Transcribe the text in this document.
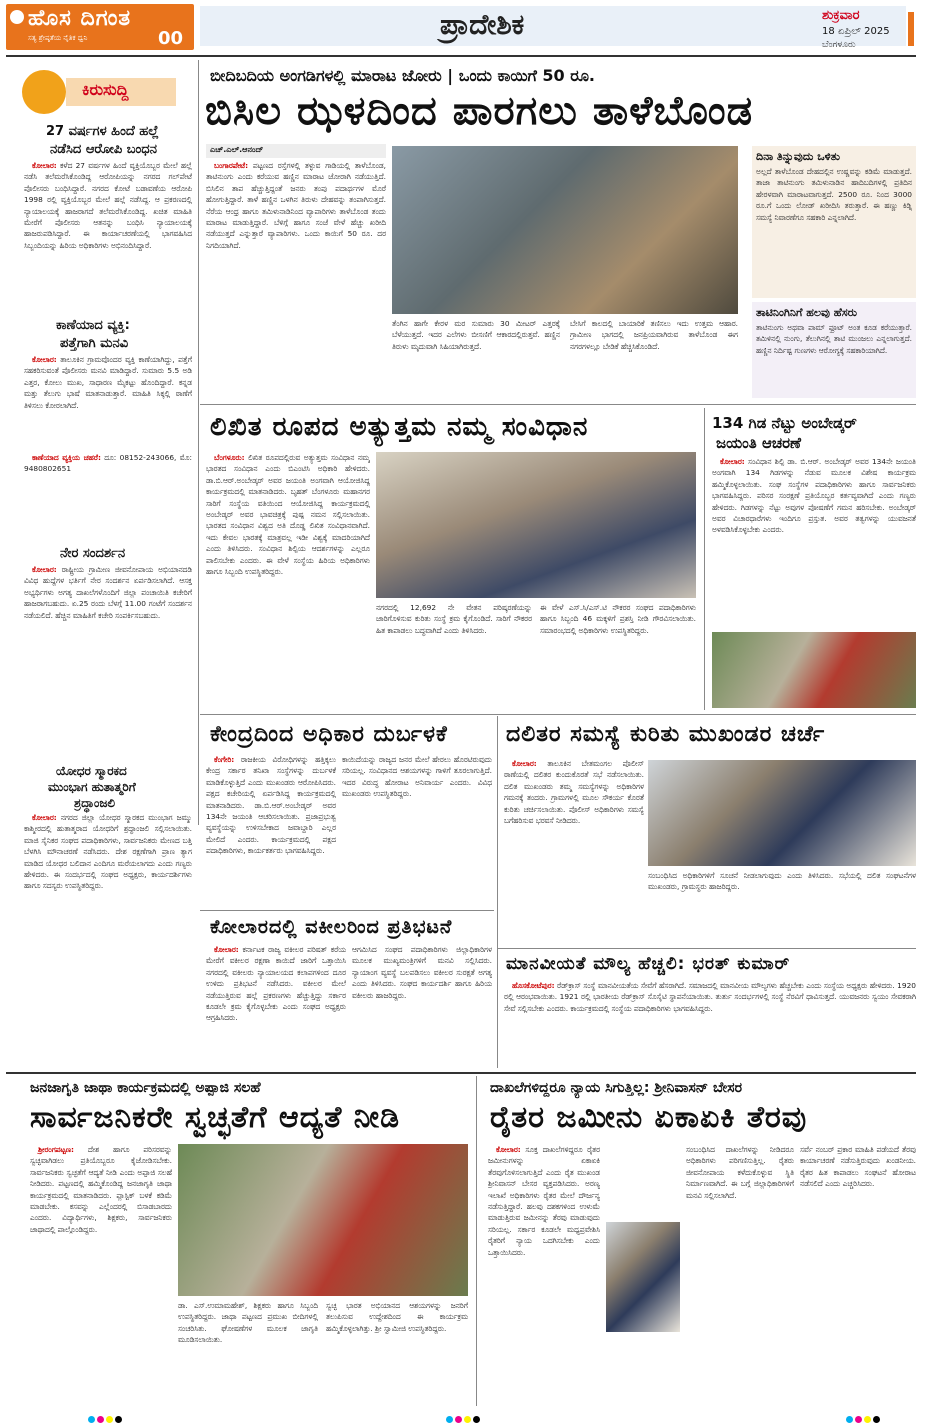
ಹೊಸ ದಿಗಂತ
ಸತ್ಯ ಶ್ರೇಷ್ಠತೆಯ ನೈತಿಕ ಧ್ವನಿ	00	ಪ್ರಾದೇಶಿಕ	ಶುಕ್ರವಾರ
18 ಏಪ್ರಿಲ್ 2025
ಬೆಂಗಳೂರು
ಕಿರುಸುದ್ದಿ
27 ವರ್ಷಗಳ ಹಿಂದೆ ಹಲ್ಲೆ
ನಡೆಸಿದ ಆರೋಪಿ ಬಂಧನ

ಕೋಲಾರ: ಕಳೆದ 27 ವರ್ಷಗಳ ಹಿಂದೆ ವ್ಯಕ್ತಿಯೊಬ್ಬರ ಮೇಲೆ ಹಲ್ಲೆ ನಡೆಸಿ ತಲೆಮರೆಸಿಕೊಂಡಿದ್ದ ಆರೋಪಿಯನ್ನು ನಗರದ ಗಲ್‌ಪೇಟೆ ಪೊಲೀಸರು ಬಂಧಿಸಿದ್ದಾರೆ. ನಗರದ ಕೋಟೆ ಬಡಾವಣೆಯ ಆರೋಪಿ 1998 ರಲ್ಲಿ ವ್ಯಕ್ತಿಯೊಬ್ಬರ ಮೇಲೆ ಹಲ್ಲೆ ನಡೆಸಿದ್ದ. ಆ ಪ್ರಕರಣದಲ್ಲಿ ನ್ಯಾಯಾಲಯಕ್ಕೆ ಹಾಜರಾಗದೆ ತಲೆಮರೆಸಿಕೊಂಡಿದ್ದ. ಖಚಿತ ಮಾಹಿತಿ ಮೇರೆಗೆ ಪೊಲೀಸರು ಆತನನ್ನು ಬಂಧಿಸಿ ನ್ಯಾಯಾಲಯಕ್ಕೆ ಹಾಜರುಪಡಿಸಿದ್ದಾರೆ. ಈ ಕಾರ್ಯಾಚರಣೆಯಲ್ಲಿ ಭಾಗವಹಿಸಿದ ಸಿಬ್ಬಂದಿಯನ್ನು ಹಿರಿಯ ಅಧಿಕಾರಿಗಳು ಅಭಿನಂದಿಸಿದ್ದಾರೆ.

ಕಾಣೆಯಾದ ವ್ಯಕ್ತಿ:
ಪತ್ತೆಗಾಗಿ ಮನವಿ

ಕೋಲಾರ: ತಾಲೂಕಿನ ಗ್ರಾಮವೊಂದರ ವ್ಯಕ್ತಿ ಕಾಣೆಯಾಗಿದ್ದು, ಪತ್ತೆಗೆ ಸಹಕರಿಸುವಂತೆ ಪೊಲೀಸರು ಮನವಿ ಮಾಡಿದ್ದಾರೆ. ಸುಮಾರು 5.5 ಅಡಿ ಎತ್ತರ, ಕೋಲು ಮುಖ, ಸಾಧಾರಣ ಮೈಕಟ್ಟು ಹೊಂದಿದ್ದಾರೆ. ಕನ್ನಡ ಮತ್ತು ತೆಲುಗು ಭಾಷೆ ಮಾತನಾಡುತ್ತಾರೆ. ಮಾಹಿತಿ ಸಿಕ್ಕಲ್ಲಿ ಠಾಣೆಗೆ ತಿಳಿಸಲು ಕೋರಲಾಗಿದೆ.

ಕಾಣೆಯಾದ ವ್ಯಕ್ತಿಯ ಚಹರೆ: ದೂ: 08152-243066, ಮೊ: 9480802651

ನೇರ ಸಂದರ್ಶನ

ಕೋಲಾರ: ರಾಷ್ಟ್ರೀಯ ಗ್ರಾಮೀಣ ಜೀವನೋಪಾಯ ಅಭಿಯಾನದಡಿ ವಿವಿಧ ಹುದ್ದೆಗಳ ಭರ್ತಿಗೆ ನೇರ ಸಂದರ್ಶನ ಏರ್ಪಡಿಸಲಾಗಿದೆ. ಆಸಕ್ತ ಅಭ್ಯರ್ಥಿಗಳು ಅಗತ್ಯ ದಾಖಲೆಗಳೊಂದಿಗೆ ಜಿಲ್ಲಾ ಪಂಚಾಯಿತಿ ಕಚೇರಿಗೆ ಹಾಜರಾಗಬಹುದು. ಏ.25 ರಂದು ಬೆಳಗ್ಗೆ 11.00 ಗಂಟೆಗೆ ಸಂದರ್ಶನ ನಡೆಯಲಿದೆ. ಹೆಚ್ಚಿನ ಮಾಹಿತಿಗೆ ಕಚೇರಿ ಸಂಪರ್ಕಿಸಬಹುದು.

ಯೋಧರ ಸ್ಮಾರಕದ
ಮುಂಭಾಗ ಹುತಾತ್ಮರಿಗೆ
ಶ್ರದ್ಧಾಂಜಲಿ

ಕೋಲಾರ: ನಗರದ ಜಿಲ್ಲಾ ಯೋಧರ ಸ್ಮಾರಕದ ಮುಂಭಾಗ ಜಮ್ಮು ಕಾಶ್ಮೀರದಲ್ಲಿ ಹುತಾತ್ಮರಾದ ಯೋಧರಿಗೆ ಶ್ರದ್ಧಾಂಜಲಿ ಸಲ್ಲಿಸಲಾಯಿತು. ಮಾಜಿ ಸೈನಿಕರ ಸಂಘದ ಪದಾಧಿಕಾರಿಗಳು, ಸಾರ್ವಜನಿಕರು ಮೇಣದ ಬತ್ತಿ ಬೆಳಗಿಸಿ ಮೌನಾಚರಣೆ ನಡೆಸಿದರು. ದೇಶ ರಕ್ಷಣೆಗಾಗಿ ಪ್ರಾಣ ತ್ಯಾಗ ಮಾಡಿದ ಯೋಧರ ಬಲಿದಾನ ಎಂದಿಗೂ ಮರೆಯಲಾಗದು ಎಂದು ಗಣ್ಯರು ಹೇಳಿದರು. ಈ ಸಂದರ್ಭದಲ್ಲಿ ಸಂಘದ ಅಧ್ಯಕ್ಷರು, ಕಾರ್ಯದರ್ಶಿಗಳು ಹಾಗೂ ಸದಸ್ಯರು ಉಪಸ್ಥಿತರಿದ್ದರು.

ಬೀದಿಬದಿಯ ಅಂಗಡಿಗಳಲ್ಲಿ ಮಾರಾಟ ಜೋರು | ಒಂದು ಕಾಯಿಗೆ 50 ರೂ.
ಬಿಸಿಲ ಝಳದಿಂದ ಪಾರಗಲು ತಾಳೆಬೊಂಡ
ಎಚ್.ಎಲ್.ಆನಂದ್

ಬಂಗಾರಪೇಟೆ: ಪಟ್ಟಣದ ರಸ್ತೆಗಳಲ್ಲಿ ತಳ್ಳುವ ಗಾಡಿಯಲ್ಲಿ ತಾಳೆಬೊಂಡ, ತಾಟಿನುಂಗು ಎಂದು ಕರೆಯುವ ಹಣ್ಣಿನ ಮಾರಾಟ ಜೋರಾಗಿ ನಡೆಯುತ್ತಿದೆ. ಬಿಸಿಲಿನ ತಾಪ ಹೆಚ್ಚುತ್ತಿದ್ದಂತೆ ಜನರು ತಂಪು ಪದಾರ್ಥಗಳ ಮೊರೆ ಹೋಗುತ್ತಿದ್ದಾರೆ. ತಾಳೆ ಹಣ್ಣಿನ ಒಳಗಿನ ತಿರುಳು ದೇಹವನ್ನು ತಂಪಾಗಿಸುತ್ತದೆ. ನೆರೆಯ ಆಂಧ್ರ ಹಾಗೂ ತಮಿಳುನಾಡಿನಿಂದ ವ್ಯಾಪಾರಿಗಳು ತಾಳೆಬೊಂಡ ತಂದು ಮಾರಾಟ ಮಾಡುತ್ತಿದ್ದಾರೆ. ಬೆಳಿಗ್ಗೆ ಹಾಗೂ ಸಂಜೆ ವೇಳೆ ಹೆಚ್ಚು ಖರೀದಿ ನಡೆಯುತ್ತದೆ ಎನ್ನುತ್ತಾರೆ ವ್ಯಾಪಾರಿಗಳು. ಒಂದು ಕಾಯಿಗೆ 50 ರೂ. ದರ ನಿಗದಿಯಾಗಿದೆ.

ತೆಂಗಿನ ಹಾಗೇ ಕೇರಳ ಮರ ಸುಮಾರು 30 ಮೀಟರ್ ಎತ್ತರಕ್ಕೆ ಬೆಳೆಯುತ್ತದೆ. ಇದರ ಎಲೆಗಳು ಬೀಸಣಿಗೆ ಆಕಾರದಲ್ಲಿರುತ್ತವೆ. ಹಣ್ಣಿನ ತಿರುಳು ಮೃದುವಾಗಿ ಸಿಹಿಯಾಗಿರುತ್ತದೆ.
ಬೇಸಿಗೆ ಕಾಲದಲ್ಲಿ ಬಾಯಾರಿಕೆ ತಣಿಸಲು ಇದು ಉತ್ತಮ ಆಹಾರ. ಗ್ರಾಮೀಣ ಭಾಗದಲ್ಲಿ ಜನಪ್ರಿಯವಾಗಿರುವ ತಾಳೆಬೊಂಡ ಈಗ ನಗರಗಳಲ್ಲೂ ಬೇಡಿಕೆ ಹೆಚ್ಚಿಸಿಕೊಂಡಿದೆ.
ದಿನಾ ತಿನ್ನುವುದು ಒಳಿತು
ಅಲ್ಲದೆ ತಾಳೆಬೊಂಡ ದೇಹದಲ್ಲಿನ ಉಷ್ಣವನ್ನು ಕಡಿಮೆ ಮಾಡುತ್ತದೆ. ತಾಜಾ ತಾಟಿನುಂಗು ತಮಿಳುನಾಡಿನ ಹಾದಿಬದಿಗಳಲ್ಲಿ ಪ್ರತಿದಿನ ಹೇರಳವಾಗಿ ಮಾರಾಟವಾಗುತ್ತದೆ. 2500 ರೂ. ನಿಂದ 3000 ರೂ.ಗೆ ಒಂದು ಲೋಡ್ ಖರೀದಿಸಿ ತರುತ್ತಾರೆ. ಈ ಹಣ್ಣು ಕಿಡ್ನಿ ಸಮಸ್ಯೆ ನಿವಾರಣೆಗೂ ಸಹಕಾರಿ ಎನ್ನಲಾಗಿದೆ.
ತಾಟಿನಿಂಗಿನಿಗೆ ಹಲವು ಹೆಸರು
ತಾಟಿನುಂಗು ಅಥವಾ ಪಾಮ್ ಫ್ರೂಟ್ ಅಂತ ಕೂಡ ಕರೆಯುತ್ತಾರೆ. ತಮಿಳಿನಲ್ಲಿ ನುಂಗು, ತೆಲುಗಿನಲ್ಲಿ ತಾಟಿ ಮುಂಜಲು ಎನ್ನಲಾಗುತ್ತದೆ. ಹಣ್ಣಿನ ನಿರ್ದಿಷ್ಟ ಗುಣಗಳು ಆರೋಗ್ಯಕ್ಕೆ ಸಹಕಾರಿಯಾಗಿದೆ.
ಲಿಖಿತ ರೂಪದ ಅತ್ಯುತ್ತಮ ನಮ್ಮ ಸಂವಿಧಾನ

ಬೆಂಗಳೂರು: ಲಿಖಿತ ರೂಪದಲ್ಲಿರುವ ಅತ್ಯುತ್ತಮ ಸಂವಿಧಾನ ನಮ್ಮ ಭಾರತದ ಸಂವಿಧಾನ ಎಂದು ಬಿಎಂಟಿಸಿ ಅಧಿಕಾರಿ ಹೇಳಿದರು. ಡಾ.ಬಿ.ಆರ್.ಅಂಬೇಡ್ಕರ್ ಅವರ ಜಯಂತಿ ಅಂಗವಾಗಿ ಆಯೋಜಿಸಿದ್ದ ಕಾರ್ಯಕ್ರಮದಲ್ಲಿ ಮಾತನಾಡಿದರು. ಬೃಹತ್ ಬೆಂಗಳೂರು ಮಹಾನಗರ ಸಾರಿಗೆ ಸಂಸ್ಥೆಯ ವತಿಯಿಂದ ಆಯೋಜಿಸಿದ್ದ ಕಾರ್ಯಕ್ರಮದಲ್ಲಿ ಅಂಬೇಡ್ಕರ್ ಅವರ ಭಾವಚಿತ್ರಕ್ಕೆ ಪುಷ್ಪ ನಮನ ಸಲ್ಲಿಸಲಾಯಿತು. ಭಾರತದ ಸಂವಿಧಾನ ವಿಶ್ವದ ಅತಿ ದೊಡ್ಡ ಲಿಖಿತ ಸಂವಿಧಾನವಾಗಿದೆ. ಇದು ಕೇವಲ ಭಾರತಕ್ಕೆ ಮಾತ್ರವಲ್ಲ ಇಡೀ ವಿಶ್ವಕ್ಕೆ ಮಾದರಿಯಾಗಿದೆ ಎಂದು ತಿಳಿಸಿದರು. ಸಂವಿಧಾನ ಶಿಲ್ಪಿಯ ಆದರ್ಶಗಳನ್ನು ಎಲ್ಲರೂ ಪಾಲಿಸಬೇಕು ಎಂದರು. ಈ ವೇಳೆ ಸಂಸ್ಥೆಯ ಹಿರಿಯ ಅಧಿಕಾರಿಗಳು ಹಾಗೂ ಸಿಬ್ಬಂದಿ ಉಪಸ್ಥಿತರಿದ್ದರು.

ನಗರದಲ್ಲಿ 12,692 ನೇ ವೇತನ ಪರಿಷ್ಕರಣೆಯನ್ನು ಜಾರಿಗೊಳಿಸುವ ಕುರಿತು ಸಂಸ್ಥೆ ಕ್ರಮ ಕೈಗೊಂಡಿದೆ. ಸಾರಿಗೆ ನೌಕರರ ಹಿತ ಕಾಪಾಡಲು ಬದ್ಧವಾಗಿದೆ ಎಂದು ತಿಳಿಸಿದರು.
ಈ ವೇಳೆ ಎಸ್.ಸಿ/ಎಸ್.ಟಿ ನೌಕರರ ಸಂಘದ ಪದಾಧಿಕಾರಿಗಳು ಹಾಗೂ ಸಿಬ್ಬಂದಿ 46 ಮಕ್ಕಳಿಗೆ ಪ್ರಶಸ್ತಿ ನೀಡಿ ಗೌರವಿಸಲಾಯಿತು. ಸಮಾರಂಭದಲ್ಲಿ ಅಧಿಕಾರಿಗಳು ಉಪಸ್ಥಿತರಿದ್ದರು.
134 ಗಿಡ ನೆಟ್ಟು ಅಂಬೇಡ್ಕರ್
ಜಯಂತಿ ಆಚರಣೆ

ಕೋಲಾರ: ಸಂವಿಧಾನ ಶಿಲ್ಪಿ ಡಾ. ಬಿ.ಆರ್. ಅಂಬೇಡ್ಕರ್ ಅವರ 134ನೇ ಜಯಂತಿ ಅಂಗವಾಗಿ 134 ಗಿಡಗಳನ್ನು ನೆಡುವ ಮೂಲಕ ವಿಶೇಷ ಕಾರ್ಯಕ್ರಮ ಹಮ್ಮಿಕೊಳ್ಳಲಾಯಿತು. ಸಂಘ ಸಂಸ್ಥೆಗಳ ಪದಾಧಿಕಾರಿಗಳು ಹಾಗೂ ಸಾರ್ವಜನಿಕರು ಭಾಗವಹಿಸಿದ್ದರು. ಪರಿಸರ ಸಂರಕ್ಷಣೆ ಪ್ರತಿಯೊಬ್ಬರ ಕರ್ತವ್ಯವಾಗಿದೆ ಎಂದು ಗಣ್ಯರು ಹೇಳಿದರು. ಗಿಡಗಳನ್ನು ನೆಟ್ಟು ಅವುಗಳ ಪೋಷಣೆಗೆ ಗಮನ ಹರಿಸಬೇಕು. ಅಂಬೇಡ್ಕರ್ ಅವರ ವಿಚಾರಧಾರೆಗಳು ಇಂದಿಗೂ ಪ್ರಸ್ತುತ. ಅವರ ತತ್ವಗಳನ್ನು ಯುವಜನತೆ ಅಳವಡಿಸಿಕೊಳ್ಳಬೇಕು ಎಂದರು.

ಕೇಂದ್ರದಿಂದ ಅಧಿಕಾರ ದುರ್ಬಳಕೆ

ಕೆಂಗೇರಿ: ರಾಜಕೀಯ ವಿರೋಧಿಗಳನ್ನು ಹತ್ತಿಕ್ಕಲು ಕೇಂದ್ರ ಸರ್ಕಾರ ತನಿಖಾ ಸಂಸ್ಥೆಗಳನ್ನು ದುರ್ಬಳಕೆ ಮಾಡಿಕೊಳ್ಳುತ್ತಿದೆ ಎಂದು ಮುಖಂಡರು ಆರೋಪಿಸಿದರು. ಪಕ್ಷದ ಕಚೇರಿಯಲ್ಲಿ ಏರ್ಪಡಿಸಿದ್ದ ಕಾರ್ಯಕ್ರಮದಲ್ಲಿ ಮಾತನಾಡಿದರು. ಡಾ.ಬಿ.ಆರ್.ಅಂಬೇಡ್ಕರ್ ಅವರ 134ನೇ ಜಯಂತಿ ಆಚರಿಸಲಾಯಿತು. ಪ್ರಜಾಪ್ರಭುತ್ವ ವ್ಯವಸ್ಥೆಯನ್ನು ಉಳಿಸಬೇಕಾದ ಜವಾಬ್ದಾರಿ ಎಲ್ಲರ ಮೇಲಿದೆ ಎಂದರು. ಕಾರ್ಯಕ್ರಮದಲ್ಲಿ ಪಕ್ಷದ ಪದಾಧಿಕಾರಿಗಳು, ಕಾರ್ಯಕರ್ತರು ಭಾಗವಹಿಸಿದ್ದರು.

ಕಾಯಿದೆಯನ್ನು ರಾಜ್ಯದ ಜನರ ಮೇಲೆ ಹೇರಲು ಹೊರಟಿರುವುದು ಸರಿಯಲ್ಲ. ಸಂವಿಧಾನದ ಆಶಯಗಳನ್ನು ಗಾಳಿಗೆ ತೂರಲಾಗುತ್ತಿದೆ. ಇದರ ವಿರುದ್ಧ ಹೋರಾಟ ಅನಿವಾರ್ಯ ಎಂದರು. ವಿವಿಧ ಮುಖಂಡರು ಉಪಸ್ಥಿತರಿದ್ದರು.
ಕೋಲಾರದಲ್ಲಿ ವಕೀಲರಿಂದ ಪ್ರತಿಭಟನೆ

ಕೋಲಾರ: ಕರ್ನಾಟಕ ರಾಜ್ಯ ವಕೀಲರ ಪರಿಷತ್ ಕರೆಯ ಮೇರೆಗೆ ವಕೀಲರ ರಕ್ಷಣಾ ಕಾಯಿದೆ ಜಾರಿಗೆ ಒತ್ತಾಯಿಸಿ ನಗರದಲ್ಲಿ ವಕೀಲರು ನ್ಯಾಯಾಲಯದ ಕಲಾಪಗಳಿಂದ ದೂರ ಉಳಿದು ಪ್ರತಿಭಟನೆ ನಡೆಸಿದರು. ವಕೀಲರ ಮೇಲೆ ನಡೆಯುತ್ತಿರುವ ಹಲ್ಲೆ ಪ್ರಕರಣಗಳು ಹೆಚ್ಚುತ್ತಿದ್ದು ಸರ್ಕಾರ ಕೂಡಲೇ ಕ್ರಮ ಕೈಗೊಳ್ಳಬೇಕು ಎಂದು ಸಂಘದ ಅಧ್ಯಕ್ಷರು ಆಗ್ರಹಿಸಿದರು.

ಆಗಮಿಸಿದ ಸಂಘದ ಪದಾಧಿಕಾರಿಗಳು ಜಿಲ್ಲಾಧಿಕಾರಿಗಳ ಮೂಲಕ ಮುಖ್ಯಮಂತ್ರಿಗಳಿಗೆ ಮನವಿ ಸಲ್ಲಿಸಿದರು. ನ್ಯಾಯಾಂಗ ವ್ಯವಸ್ಥೆ ಬಲಪಡಿಸಲು ವಕೀಲರ ಸುರಕ್ಷತೆ ಅಗತ್ಯ ಎಂದು ತಿಳಿಸಿದರು. ಸಂಘದ ಕಾರ್ಯದರ್ಶಿ ಹಾಗೂ ಹಿರಿಯ ವಕೀಲರು ಹಾಜರಿದ್ದರು.
ದಲಿತರ ಸಮಸ್ಯೆ ಕುರಿತು ಮುಖಂಡರ ಚರ್ಚೆ

ಕೋಲಾರ: ತಾಲೂಕಿನ ಬೇತಮಂಗಲ ಪೊಲೀಸ್ ಠಾಣೆಯಲ್ಲಿ ದಲಿತರ ಕುಂದುಕೊರತೆ ಸಭೆ ನಡೆಸಲಾಯಿತು. ದಲಿತ ಮುಖಂಡರು ತಮ್ಮ ಸಮಸ್ಯೆಗಳನ್ನು ಅಧಿಕಾರಿಗಳ ಗಮನಕ್ಕೆ ತಂದರು. ಗ್ರಾಮಗಳಲ್ಲಿ ಮೂಲ ಸೌಕರ್ಯ ಕೊರತೆ ಕುರಿತು ಚರ್ಚಿಸಲಾಯಿತು. ಪೊಲೀಸ್ ಅಧಿಕಾರಿಗಳು ಸಮಸ್ಯೆ ಬಗೆಹರಿಸುವ ಭರವಸೆ ನೀಡಿದರು.

ಸಂಬಂಧಿಸಿದ ಅಧಿಕಾರಿಗಳಿಗೆ ಸೂಚನೆ ನೀಡಲಾಗುವುದು ಎಂದು ತಿಳಿಸಿದರು. ಸಭೆಯಲ್ಲಿ ದಲಿತ ಸಂಘಟನೆಗಳ ಮುಖಂಡರು, ಗ್ರಾಮಸ್ಥರು ಹಾಜರಿದ್ದರು.
ಮಾನವೀಯತೆ ಮೌಲ್ಯ ಹೆಚ್ಚಲಿ: ಭರತ್ ಕುಮಾರ್

ಹೊಸಕೋಟೆಪುರ: ರೆಡ್‌ಕ್ರಾಸ್ ಸಂಸ್ಥೆ ಮಾನವೀಯತೆಯ ಸೇವೆಗೆ ಹೆಸರಾಗಿದೆ. ಸಮಾಜದಲ್ಲಿ ಮಾನವೀಯ ಮೌಲ್ಯಗಳು ಹೆಚ್ಚಬೇಕು ಎಂದು ಸಂಸ್ಥೆಯ ಅಧ್ಯಕ್ಷರು ಹೇಳಿದರು. 1920 ರಲ್ಲಿ ಆರಂಭವಾಯಿತು. 1921 ರಲ್ಲಿ ಭಾರತೀಯ ರೆಡ್‌ಕ್ರಾಸ್ ಸೊಸೈಟಿ ಸ್ಥಾಪನೆಯಾಯಿತು. ತುರ್ತು ಸಂದರ್ಭಗಳಲ್ಲಿ ಸಂಸ್ಥೆ ನೆರವಿಗೆ ಧಾವಿಸುತ್ತದೆ. ಯುವಜನರು ಸ್ವಯಂ ಸೇವಕರಾಗಿ ಸೇವೆ ಸಲ್ಲಿಸಬೇಕು ಎಂದರು. ಕಾರ್ಯಕ್ರಮದಲ್ಲಿ ಸಂಸ್ಥೆಯ ಪದಾಧಿಕಾರಿಗಳು ಭಾಗವಹಿಸಿದ್ದರು.

ಜನಜಾಗೃತಿ ಜಾಥಾ ಕಾರ್ಯಕ್ರಮದಲ್ಲಿ ಅಪ್ಪಾಜಿ ಸಲಹೆ
ಸಾರ್ವಜನಿಕರೇ ಸ್ವಚ್ಛತೆಗೆ ಆದ್ಯತೆ ನೀಡಿ

ಶ್ರೀರಂಗಪಟ್ಟಣ: ದೇಶ ಹಾಗೂ ಪರಿಸರವನ್ನು ಸ್ವಚ್ಛವಾಗಿಡಲು ಪ್ರತಿಯೊಬ್ಬರೂ ಕೈಜೋಡಿಸಬೇಕು. ಸಾರ್ವಜನಿಕರು ಸ್ವಚ್ಛತೆಗೆ ಆದ್ಯತೆ ನೀಡಿ ಎಂದು ಅಪ್ಪಾಜಿ ಸಲಹೆ ನೀಡಿದರು. ಪಟ್ಟಣದಲ್ಲಿ ಹಮ್ಮಿಕೊಂಡಿದ್ದ ಜನಜಾಗೃತಿ ಜಾಥಾ ಕಾರ್ಯಕ್ರಮದಲ್ಲಿ ಮಾತನಾಡಿದರು. ಪ್ಲಾಸ್ಟಿಕ್ ಬಳಕೆ ಕಡಿಮೆ ಮಾಡಬೇಕು. ಕಸವನ್ನು ಎಲ್ಲೆಂದರಲ್ಲಿ ಬಿಸಾಡಬಾರದು ಎಂದರು. ವಿದ್ಯಾರ್ಥಿಗಳು, ಶಿಕ್ಷಕರು, ಸಾರ್ವಜನಿಕರು ಜಾಥಾದಲ್ಲಿ ಪಾಲ್ಗೊಂಡಿದ್ದರು.

ಡಾ. ಎಸ್.ಉಮಾಮಹೇಶ್, ಶಿಕ್ಷಕರು ಹಾಗೂ ಸಿಬ್ಬಂದಿ ಉಪಸ್ಥಿತರಿದ್ದರು. ಜಾಥಾ ಪಟ್ಟಣದ ಪ್ರಮುಖ ಬೀದಿಗಳಲ್ಲಿ ಸಂಚರಿಸಿತು. ಘೋಷಣೆಗಳ ಮೂಲಕ ಜಾಗೃತಿ ಮೂಡಿಸಲಾಯಿತು.
ಸ್ವಚ್ಛ ಭಾರತ ಅಭಿಯಾನದ ಆಶಯಗಳನ್ನು ಜನರಿಗೆ ತಲುಪಿಸುವ ಉದ್ದೇಶದಿಂದ ಈ ಕಾರ್ಯಕ್ರಮ ಹಮ್ಮಿಕೊಳ್ಳಲಾಗಿತ್ತು. ಶ್ರೀ ಸ್ವಾಮೀಜಿ ಉಪಸ್ಥಿತರಿದ್ದರು.
ದಾಖಲೆಗಳಿದ್ದರೂ ನ್ಯಾಯ ಸಿಗುತ್ತಿಲ್ಲ: ಶ್ರೀನಿವಾಸನ್ ಬೇಸರ
ರೈತರ ಜಮೀನು ಏಕಾಏಕಿ ತೆರವು

ಕೋಲಾರ: ಸೂಕ್ತ ದಾಖಲೆಗಳಿದ್ದರೂ ರೈತರ ಜಮೀನುಗಳನ್ನು ಏಕಾಏಕಿ ತೆರವುಗೊಳಿಸಲಾಗುತ್ತಿದೆ ಎಂದು ರೈತ ಮುಖಂಡ ಶ್ರೀನಿವಾಸನ್ ಬೇಸರ ವ್ಯಕ್ತಪಡಿಸಿದರು. ಅರಣ್ಯ ಇಲಾಖೆ ಅಧಿಕಾರಿಗಳು ರೈತರ ಮೇಲೆ ದೌರ್ಜನ್ಯ ನಡೆಸುತ್ತಿದ್ದಾರೆ. ಹಲವು ದಶಕಗಳಿಂದ ಉಳುಮೆ ಮಾಡುತ್ತಿರುವ ಜಮೀನನ್ನು ತೆರವು ಮಾಡುವುದು ಸರಿಯಲ್ಲ. ಸರ್ಕಾರ ಕೂಡಲೇ ಮಧ್ಯಪ್ರವೇಶಿಸಿ ರೈತರಿಗೆ ನ್ಯಾಯ ಒದಗಿಸಬೇಕು ಎಂದು ಒತ್ತಾಯಿಸಿದರು.

ಸಂಬಂಧಿಸಿದ ದಾಖಲೆಗಳನ್ನು ನೀಡಿದರೂ ಅಧಿಕಾರಿಗಳು ಪರಿಗಣಿಸುತ್ತಿಲ್ಲ. ರೈತರು ಜೀವನೋಪಾಯ ಕಳೆದುಕೊಳ್ಳುವ ಸ್ಥಿತಿ ನಿರ್ಮಾಣವಾಗಿದೆ. ಈ ಬಗ್ಗೆ ಜಿಲ್ಲಾಧಿಕಾರಿಗಳಿಗೆ ಮನವಿ ಸಲ್ಲಿಸಲಾಗಿದೆ.
ಸರ್ವೆ ನಂಬರ್ ಪ್ರಕಾರ ಮಾಹಿತಿ ಪಡೆಯದೆ ತೆರವು ಕಾರ್ಯಾಚರಣೆ ನಡೆಸುತ್ತಿರುವುದು ಖಂಡನೀಯ. ರೈತರ ಹಿತ ಕಾಪಾಡಲು ಸಂಘಟನೆ ಹೋರಾಟ ನಡೆಸಲಿದೆ ಎಂದು ಎಚ್ಚರಿಸಿದರು.
